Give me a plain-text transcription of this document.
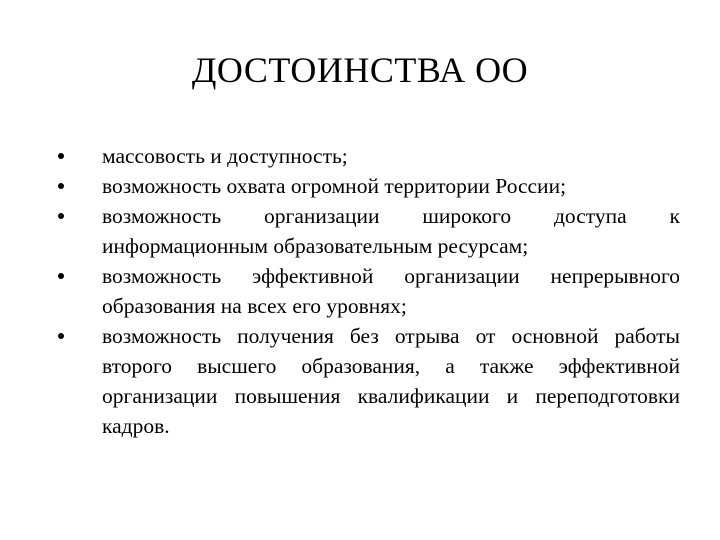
ДОСТОИНСТВА ОО
массовость и доступность;
возможность охвата огромной территории России;
возможность организации широкого доступа к информационным образовательным ресурсам;
возможность эффективной организации непрерывного образования на всех его уровнях;
возможность получения без отрыва от основной работы второго высшего образования, а также эффективной организации повышения квалификации и переподготовки кадров.
